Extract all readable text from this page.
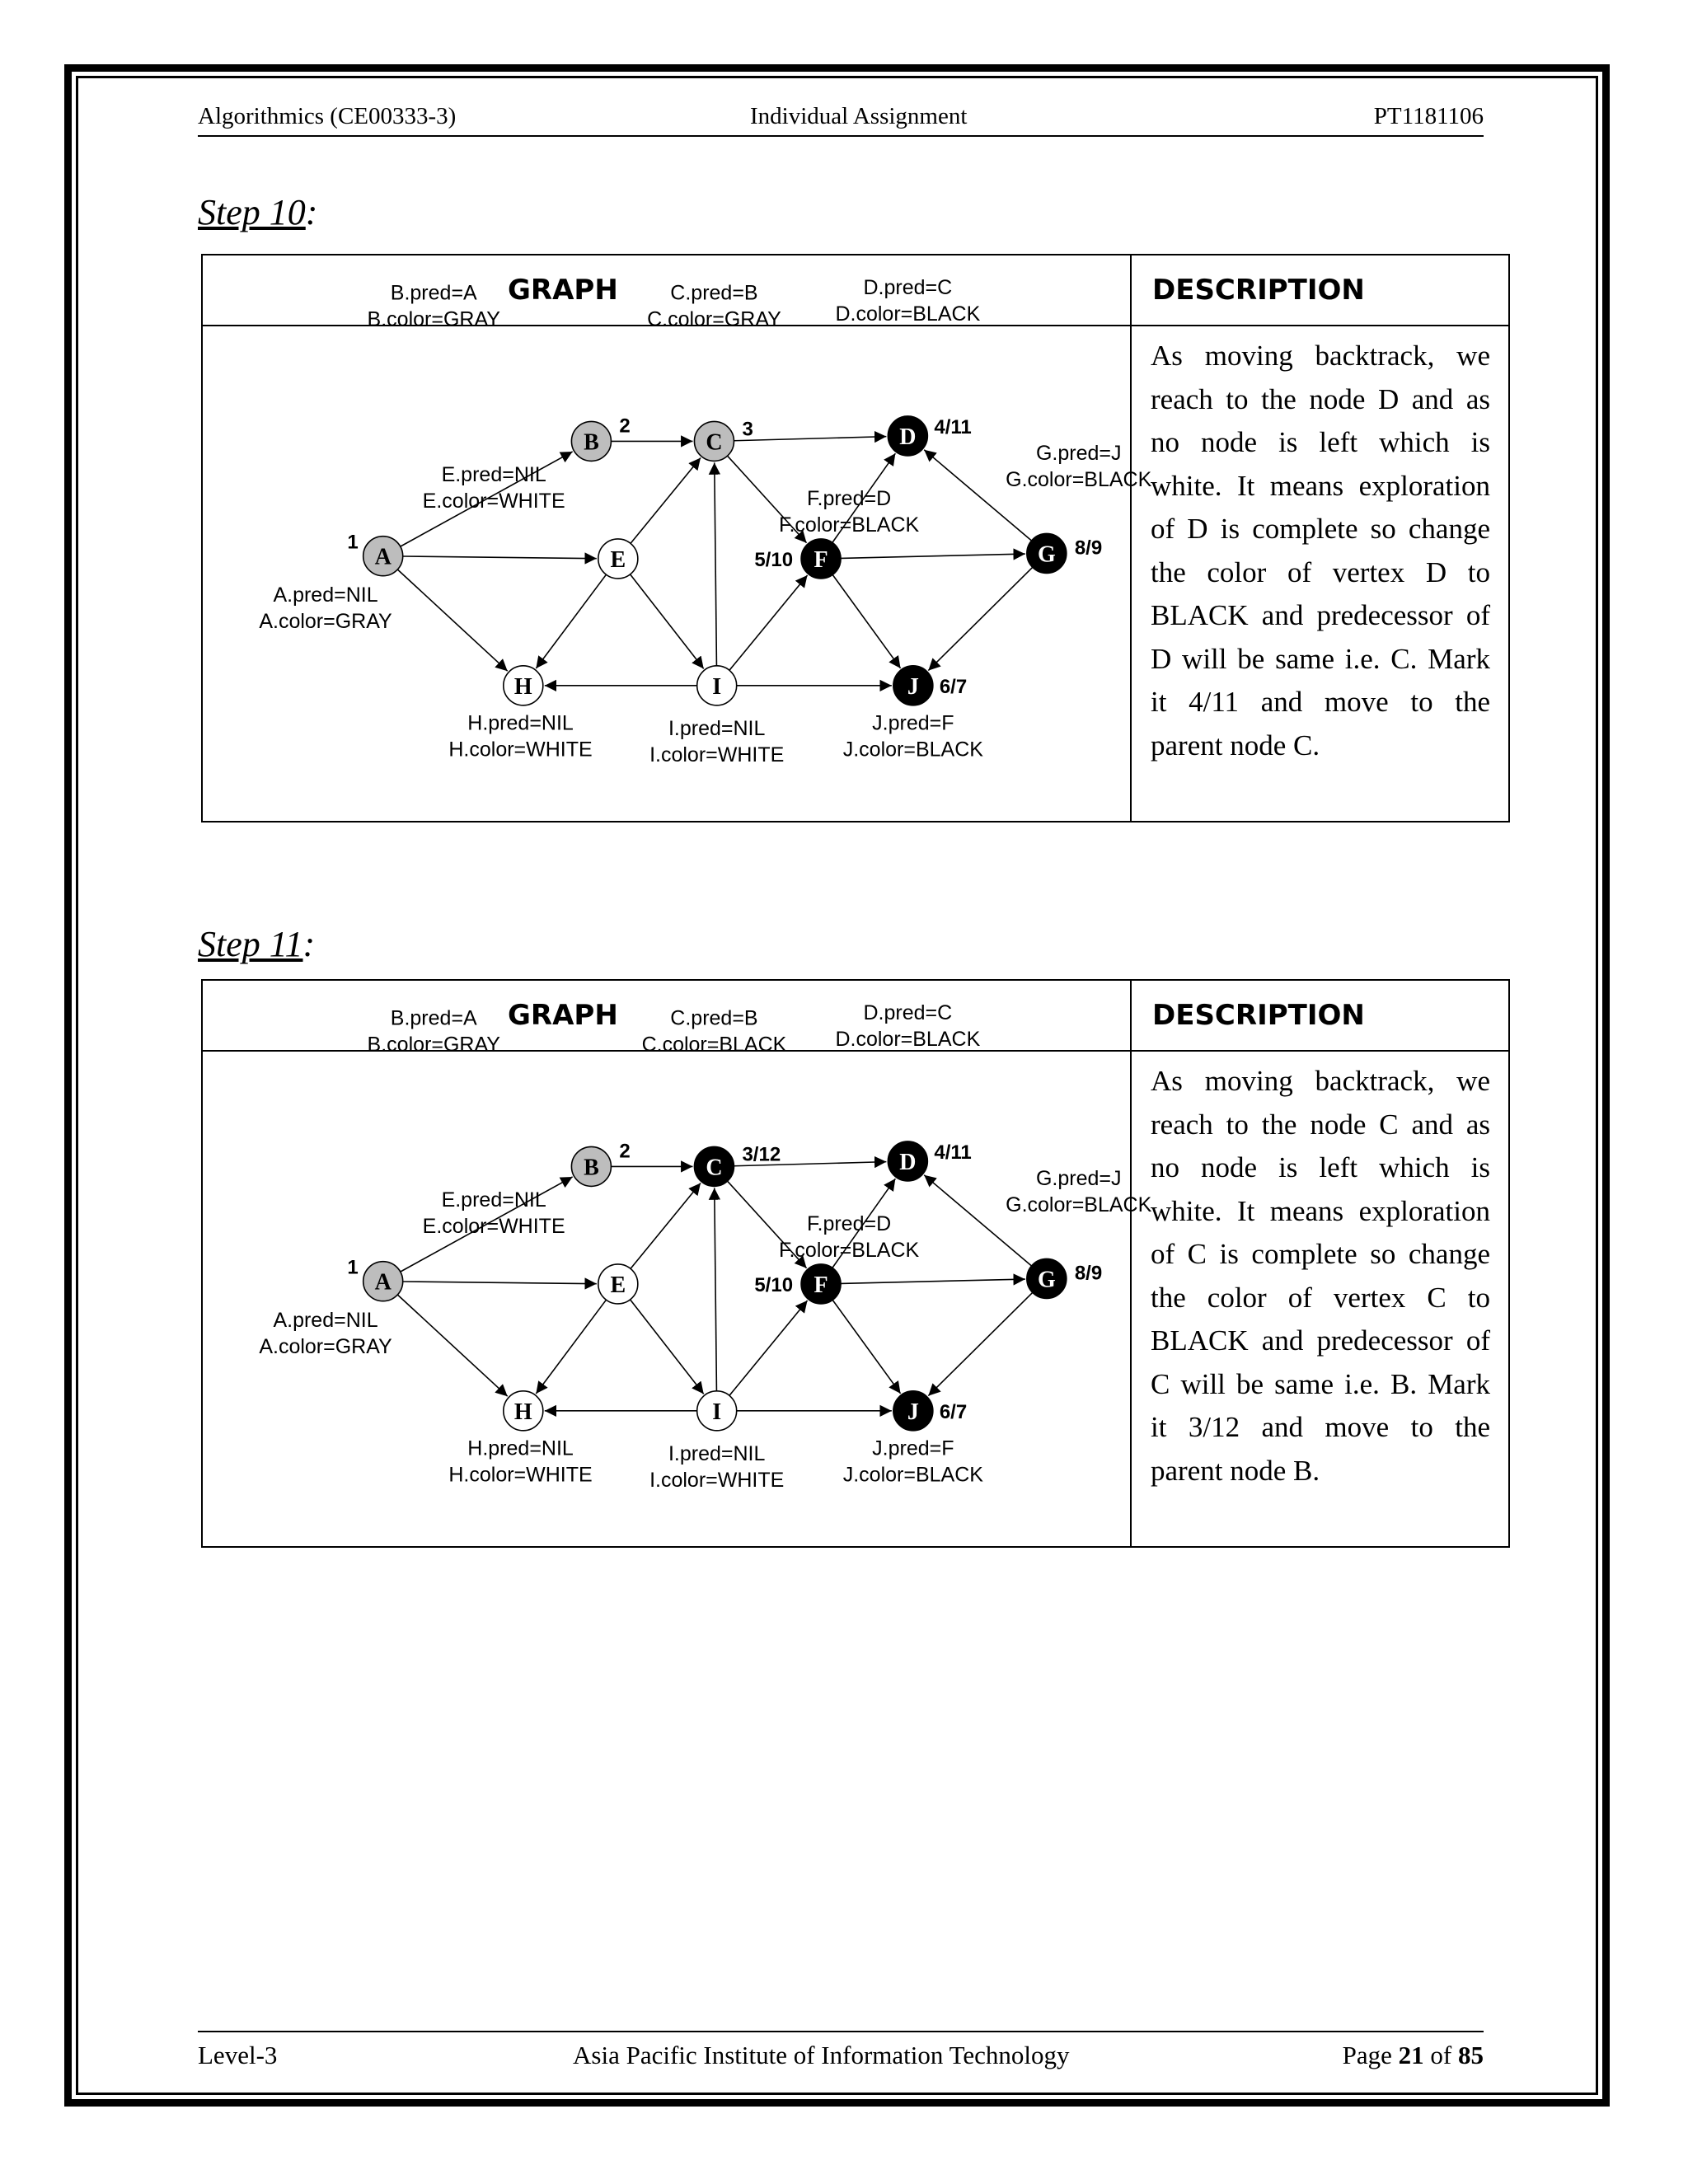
Algorithmics (CE00333-3)	Individual Assignment	PT1181106
Step 10:
GRAPH	DESCRIPTION
A
1
A.pred=NIL
A.color=GRAY
B
2
B.pred=A
B.color=GRAY
C
3
C.pred=B
C.color=GRAY
D 4/11
D.pred=C
D.color=BLACK
E
E.pred=NIL
E.color=WHITE
F
5/10
F.pred=D
F.color=BLACK
G 8/9
G.pred=J
G.color=BLACK
H
H.pred=NIL
H.color=WHITE
I
I.pred=NIL
I.color=WHITE
J 6/7
J.pred=F
J.color=BLACK
As moving backtrack, we reach to the node D and as no node is left which is white. It means exploration of D is complete so change the color of vertex D to BLACK and predecessor of D will be same i.e. C. Mark it 4/11 and move to the parent node C.
Step 11:
GRAPH	DESCRIPTION
A
1
A.pred=NIL
A.color=GRAY
B
2
B.pred=A
B.color=GRAY
C
3/12
C.pred=B
C.color=BLACK
D 4/11
D.pred=C
D.color=BLACK
E
E.pred=NIL
E.color=WHITE
F
5/10
F.pred=D
F.color=BLACK
G 8/9
G.pred=J
G.color=BLACK
H
H.pred=NIL
H.color=WHITE
I
I.pred=NIL
I.color=WHITE
J 6/7
J.pred=F
J.color=BLACK
As moving backtrack, we reach to the node C and as no node is left which is white. It means exploration of C is complete so change the color of vertex C to BLACK and predecessor of C will be same i.e. B. Mark it 3/12 and move to the parent node B.
Level-3	Asia Pacific Institute of Information Technology	Page 21 of 85
